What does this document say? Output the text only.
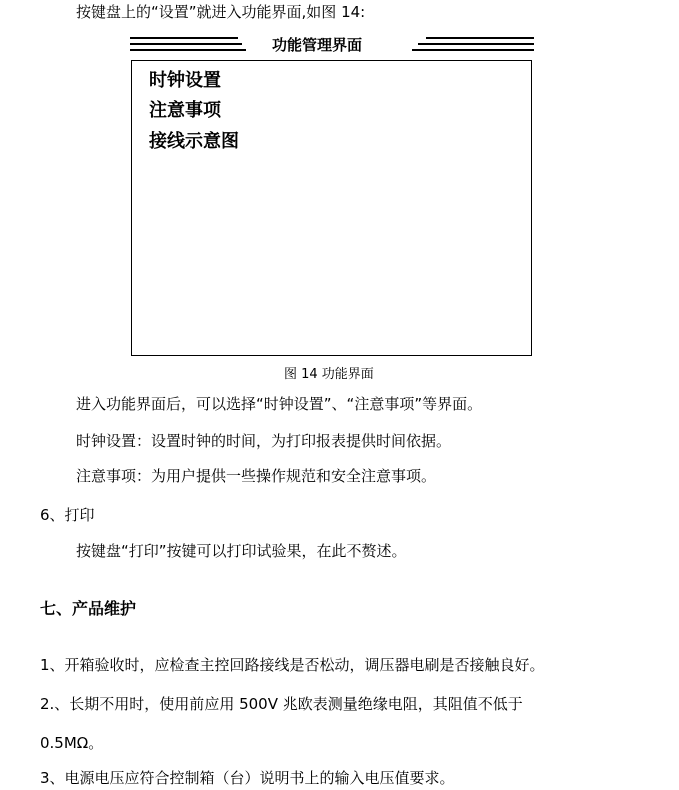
按键盘上的“设置”就进入功能界面,如图 14:
功能管理界面
时钟设置
注意事项
接线示意图
图 14 功能界面
进入功能界面后，可以选择“时钟设置”、“注意事项”等界面。
时钟设置：设置时钟的时间，为打印报表提供时间依据。
注意事项：为用户提供一些操作规范和安全注意事项。
6、打印
按键盘“打印”按键可以打印试验果，在此不赘述。
七、产品维护
1、开箱验收时，应检查主控回路接线是否松动，调压器电刷是否接触良好。
2.、长期不用时，使用前应用 500V 兆欧表测量绝缘电阻，其阻值不低于
0.5MΩ。
3、电源电压应符合控制箱（台）说明书上的输入电压值要求。
